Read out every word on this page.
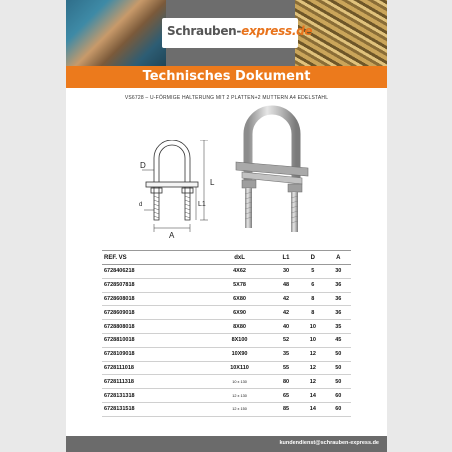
Schrauben-express.de
Technisches Dokument
VS6728 – U-FÖRMIGE HALTERUNG MIT 2 PLATTEN+2 MUTTERN A4 EDELSTAHL
D
d
L
L1
A
REF. VS	dxL	L1	D	A
6728406218	4X62	30	5	30
6728507818	5X78	48	6	36
6728608018	6X80	42	8	36
6728609018	6X90	42	8	36
6728808018	8X80	40	10	35
6728810018	8X100	52	10	45
6728109018	10X90	35	12	50
6728111018	10X110	55	12	50
6728111318	10 x 130	80	12	50
6728131318	12 x 130	65	14	60
6728131518	12 x 150	85	14	60
kundendienst@schrauben-express.de
